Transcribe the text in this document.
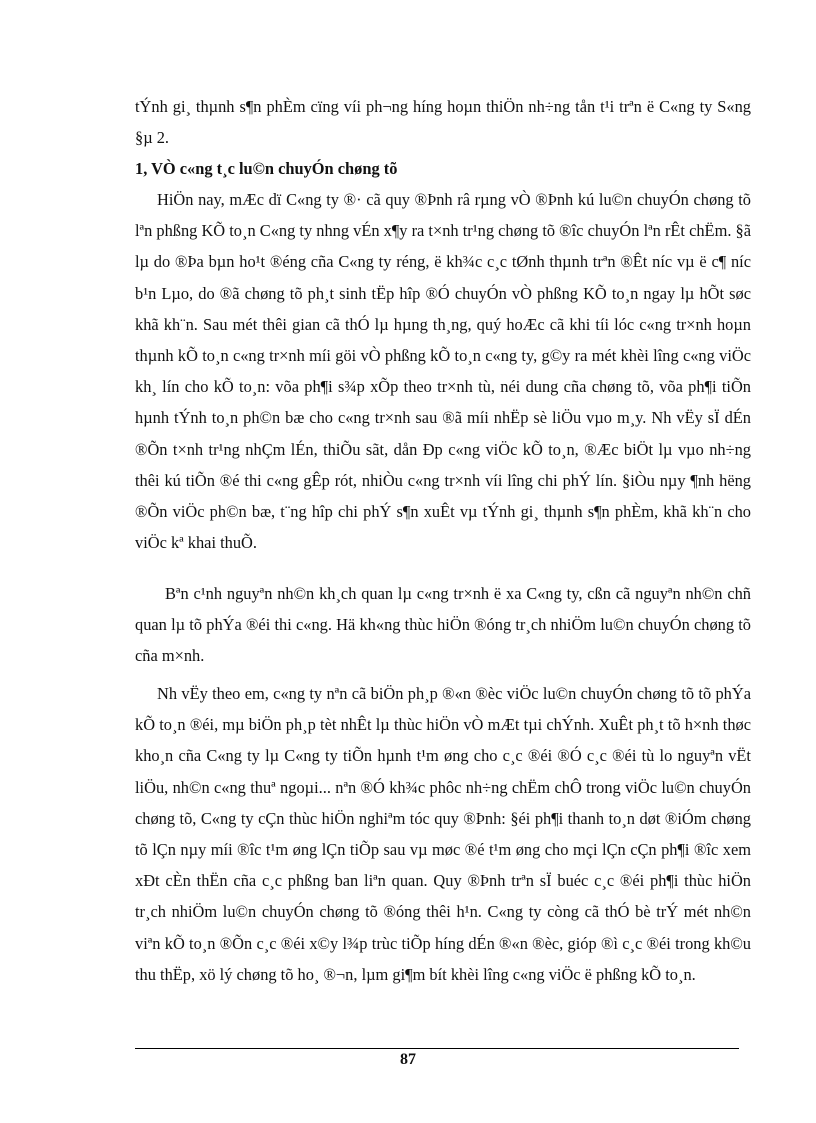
tÝnh gi¸ thµnh s¶n phÈm cïng víi ph¬ng híng hoµn thiÖn nh÷ng tån t¹i trªn ë C«ng ty S«ng §µ 2.

1, VÒ c«ng t¸c lu©n chuyÓn chøng tõ

HiÖn nay, mÆc dï C«ng ty ®· cã quy ®Þnh râ rµng vÒ ®Þnh kú lu©n chuyÓn chøng tõ lªn phßng KÕ to¸n C«ng ty nhng vÉn x¶y ra t×nh tr¹ng chøng tõ ®îc chuyÓn lªn rÊt chËm. §ã lµ do ®Þa bµn ho¹t ®éng cña C«ng ty réng, ë kh¾c c¸c tØnh thµnh trªn ®Êt níc vµ ë c¶ níc b¹n Lµo, do ®ã chøng tõ ph¸t sinh tËp hîp ®Ó chuyÓn vÒ phßng KÕ to¸n ngay lµ hÕt søc khã kh¨n. Sau mét thêi gian cã thÓ lµ hµng th¸ng, quý hoÆc cã khi tíi lóc c«ng tr×nh hoµn thµnh kÕ to¸n c«ng tr×nh míi göi vÒ phßng kÕ to¸n c«ng ty, g©y ra mét khèi lîng c«ng viÖc kh¸ lín cho kÕ to¸n: võa ph¶i s¾p xÕp theo tr×nh tù, néi dung cña chøng tõ, võa ph¶i tiÕn hµnh tÝnh to¸n ph©n bæ cho c«ng tr×nh sau ®ã míi nhËp sè liÖu vµo m¸y. Nh vËy sÏ dÉn ®Õn t×nh tr¹ng nhÇm lÉn, thiÕu sãt, dån Ðp c«ng viÖc kÕ to¸n, ®Æc biÖt lµ vµo nh÷ng thêi kú tiÕn ®é thi c«ng gÊp rót, nhiÒu c«ng tr×nh víi lîng chi phÝ lín. §iÒu nµy ¶nh hëng ®Õn viÖc ph©n bæ, t¨ng hîp chi phÝ s¶n xuÊt vµ tÝnh gi¸ thµnh s¶n phÈm, khã kh¨n cho viÖc kª khai thuÕ.

Bªn c¹nh nguyªn nh©n kh¸ch quan lµ c«ng tr×nh ë xa C«ng ty, cßn cã nguyªn nh©n chñ quan lµ tõ phÝa ®éi thi c«ng. Hä kh«ng thùc hiÖn ®óng tr¸ch nhiÖm lu©n chuyÓn chøng tõ cña m×nh.

Nh vËy theo em, c«ng ty nªn cã biÖn ph¸p ®«n ®èc viÖc lu©n chuyÓn chøng tõ tõ phÝa kÕ to¸n ®éi, mµ biÖn ph¸p tèt nhÊt lµ thùc hiÖn vÒ mÆt tµi chÝnh. XuÊt ph¸t tõ h×nh thøc kho¸n cña C«ng ty lµ C«ng ty tiÕn hµnh t¹m øng cho c¸c ®éi ®Ó c¸c ®éi tù lo nguyªn vËt liÖu, nh©n c«ng thuª ngoµi... nªn ®Ó kh¾c phôc nh÷ng chËm chÔ trong viÖc lu©n chuyÓn chøng tõ, C«ng ty cÇn thùc hiÖn nghiªm tóc quy ®Þnh: §éi ph¶i thanh to¸n døt ®iÓm chøng tõ lÇn nµy míi ®îc t¹m øng lÇn tiÕp sau vµ møc ®é t¹m øng cho mçi lÇn cÇn ph¶i ®îc xem xÐt cÈn thËn cña c¸c phßng ban liªn quan. Quy ®Þnh trªn sÏ buéc c¸c ®éi ph¶i thùc hiÖn tr¸ch nhiÖm lu©n chuyÓn chøng tõ ®óng thêi h¹n. C«ng ty còng cã thÓ bè trÝ mét nh©n viªn kÕ to¸n ®Õn c¸c ®éi x©y l¾p trùc tiÕp híng dÉn ®«n ®èc, gióp ®ì c¸c ®éi trong kh©u thu thËp, xö lý chøng tõ ho¸ ®¬n, lµm gi¶m bít khèi lîng c«ng viÖc ë phßng kÕ to¸n.

87
